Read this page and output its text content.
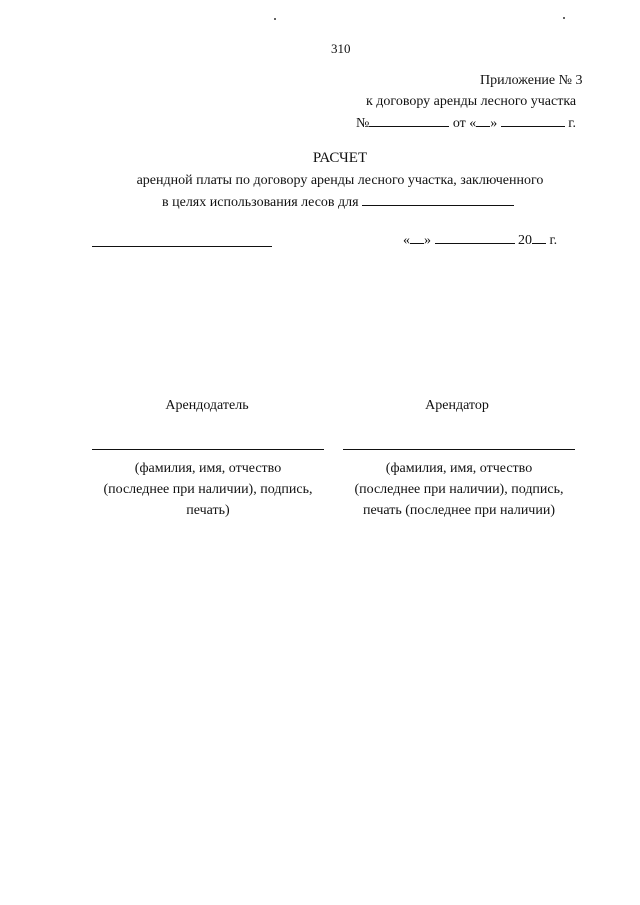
310
Приложение № 3
к договору аренды лесного участка
№	от « »	г.
РАСЧЕТ
арендной платы по договору аренды лесного участка, заключенного
в целях использования лесов для
« »	20 г.
Арендодатель	Арендатор
(фамилия, имя, отчество
(последнее при наличии), подпись,
печать)
(фамилия, имя, отчество
(последнее при наличии), подпись,
печать (последнее при наличии)
